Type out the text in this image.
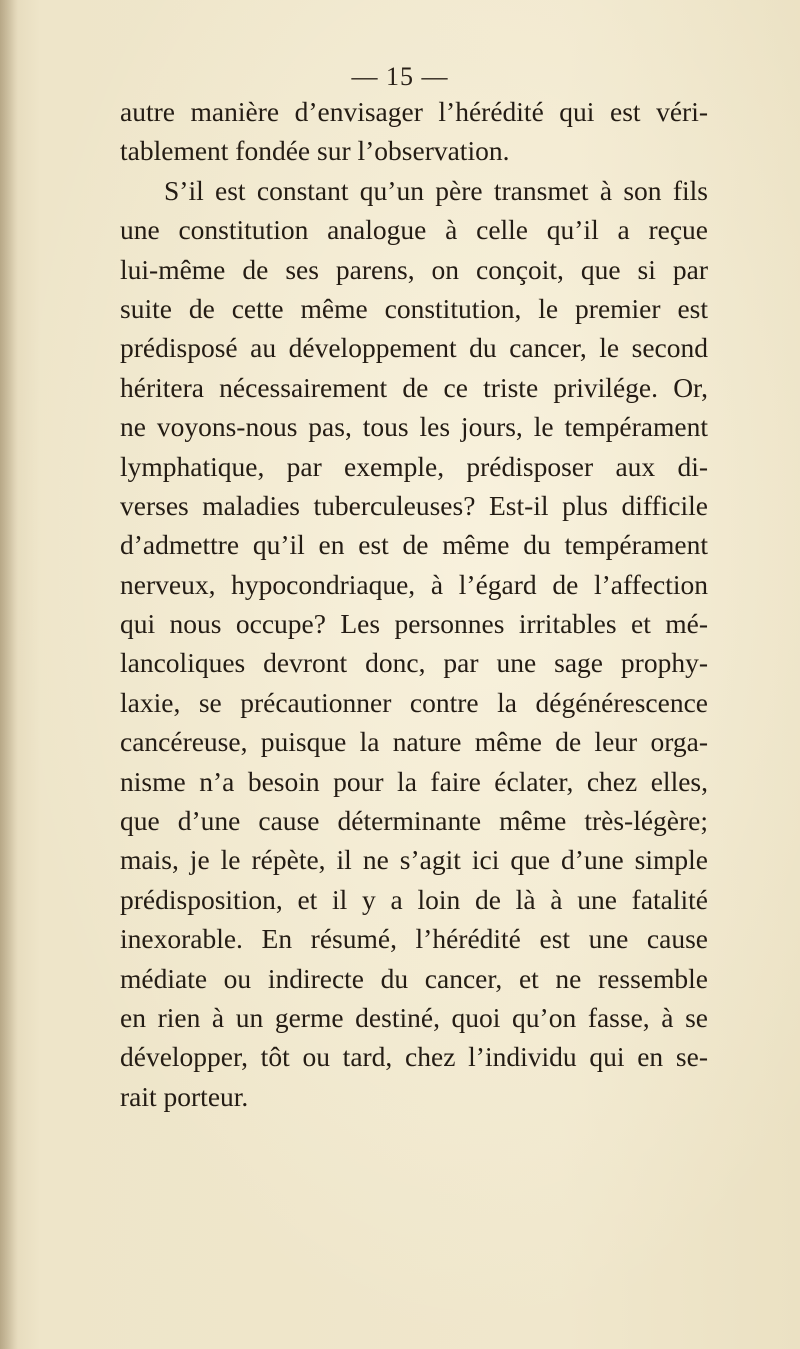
— 15 —
autre manière d’envisager l’hérédité qui est véri-
tablement fondée sur l’observation.
S’il est constant qu’un père transmet à son fils
une constitution analogue à celle qu’il a reçue
lui-même de ses parens, on conçoit, que si par
suite de cette même constitution, le premier est
prédisposé au développement du cancer, le second
héritera nécessairement de ce triste privilége. Or,
ne voyons-nous pas, tous les jours, le tempérament
lymphatique, par exemple, prédisposer aux di-
verses maladies tuberculeuses? Est-il plus difficile
d’admettre qu’il en est de même du tempérament
nerveux, hypocondriaque, à l’égard de l’affection
qui nous occupe? Les personnes irritables et mé-
lancoliques devront donc, par une sage prophy-
laxie, se précautionner contre la dégénérescence
cancéreuse, puisque la nature même de leur orga-
nisme n’a besoin pour la faire éclater, chez elles,
que d’une cause déterminante même très-légère;
mais, je le répète, il ne s’agit ici que d’une simple
prédisposition, et il y a loin de là à une fatalité
inexorable. En résumé, l’hérédité est une cause
médiate ou indirecte du cancer, et ne ressemble
en rien à un germe destiné, quoi qu’on fasse, à se
développer, tôt ou tard, chez l’individu qui en se-
rait porteur.
